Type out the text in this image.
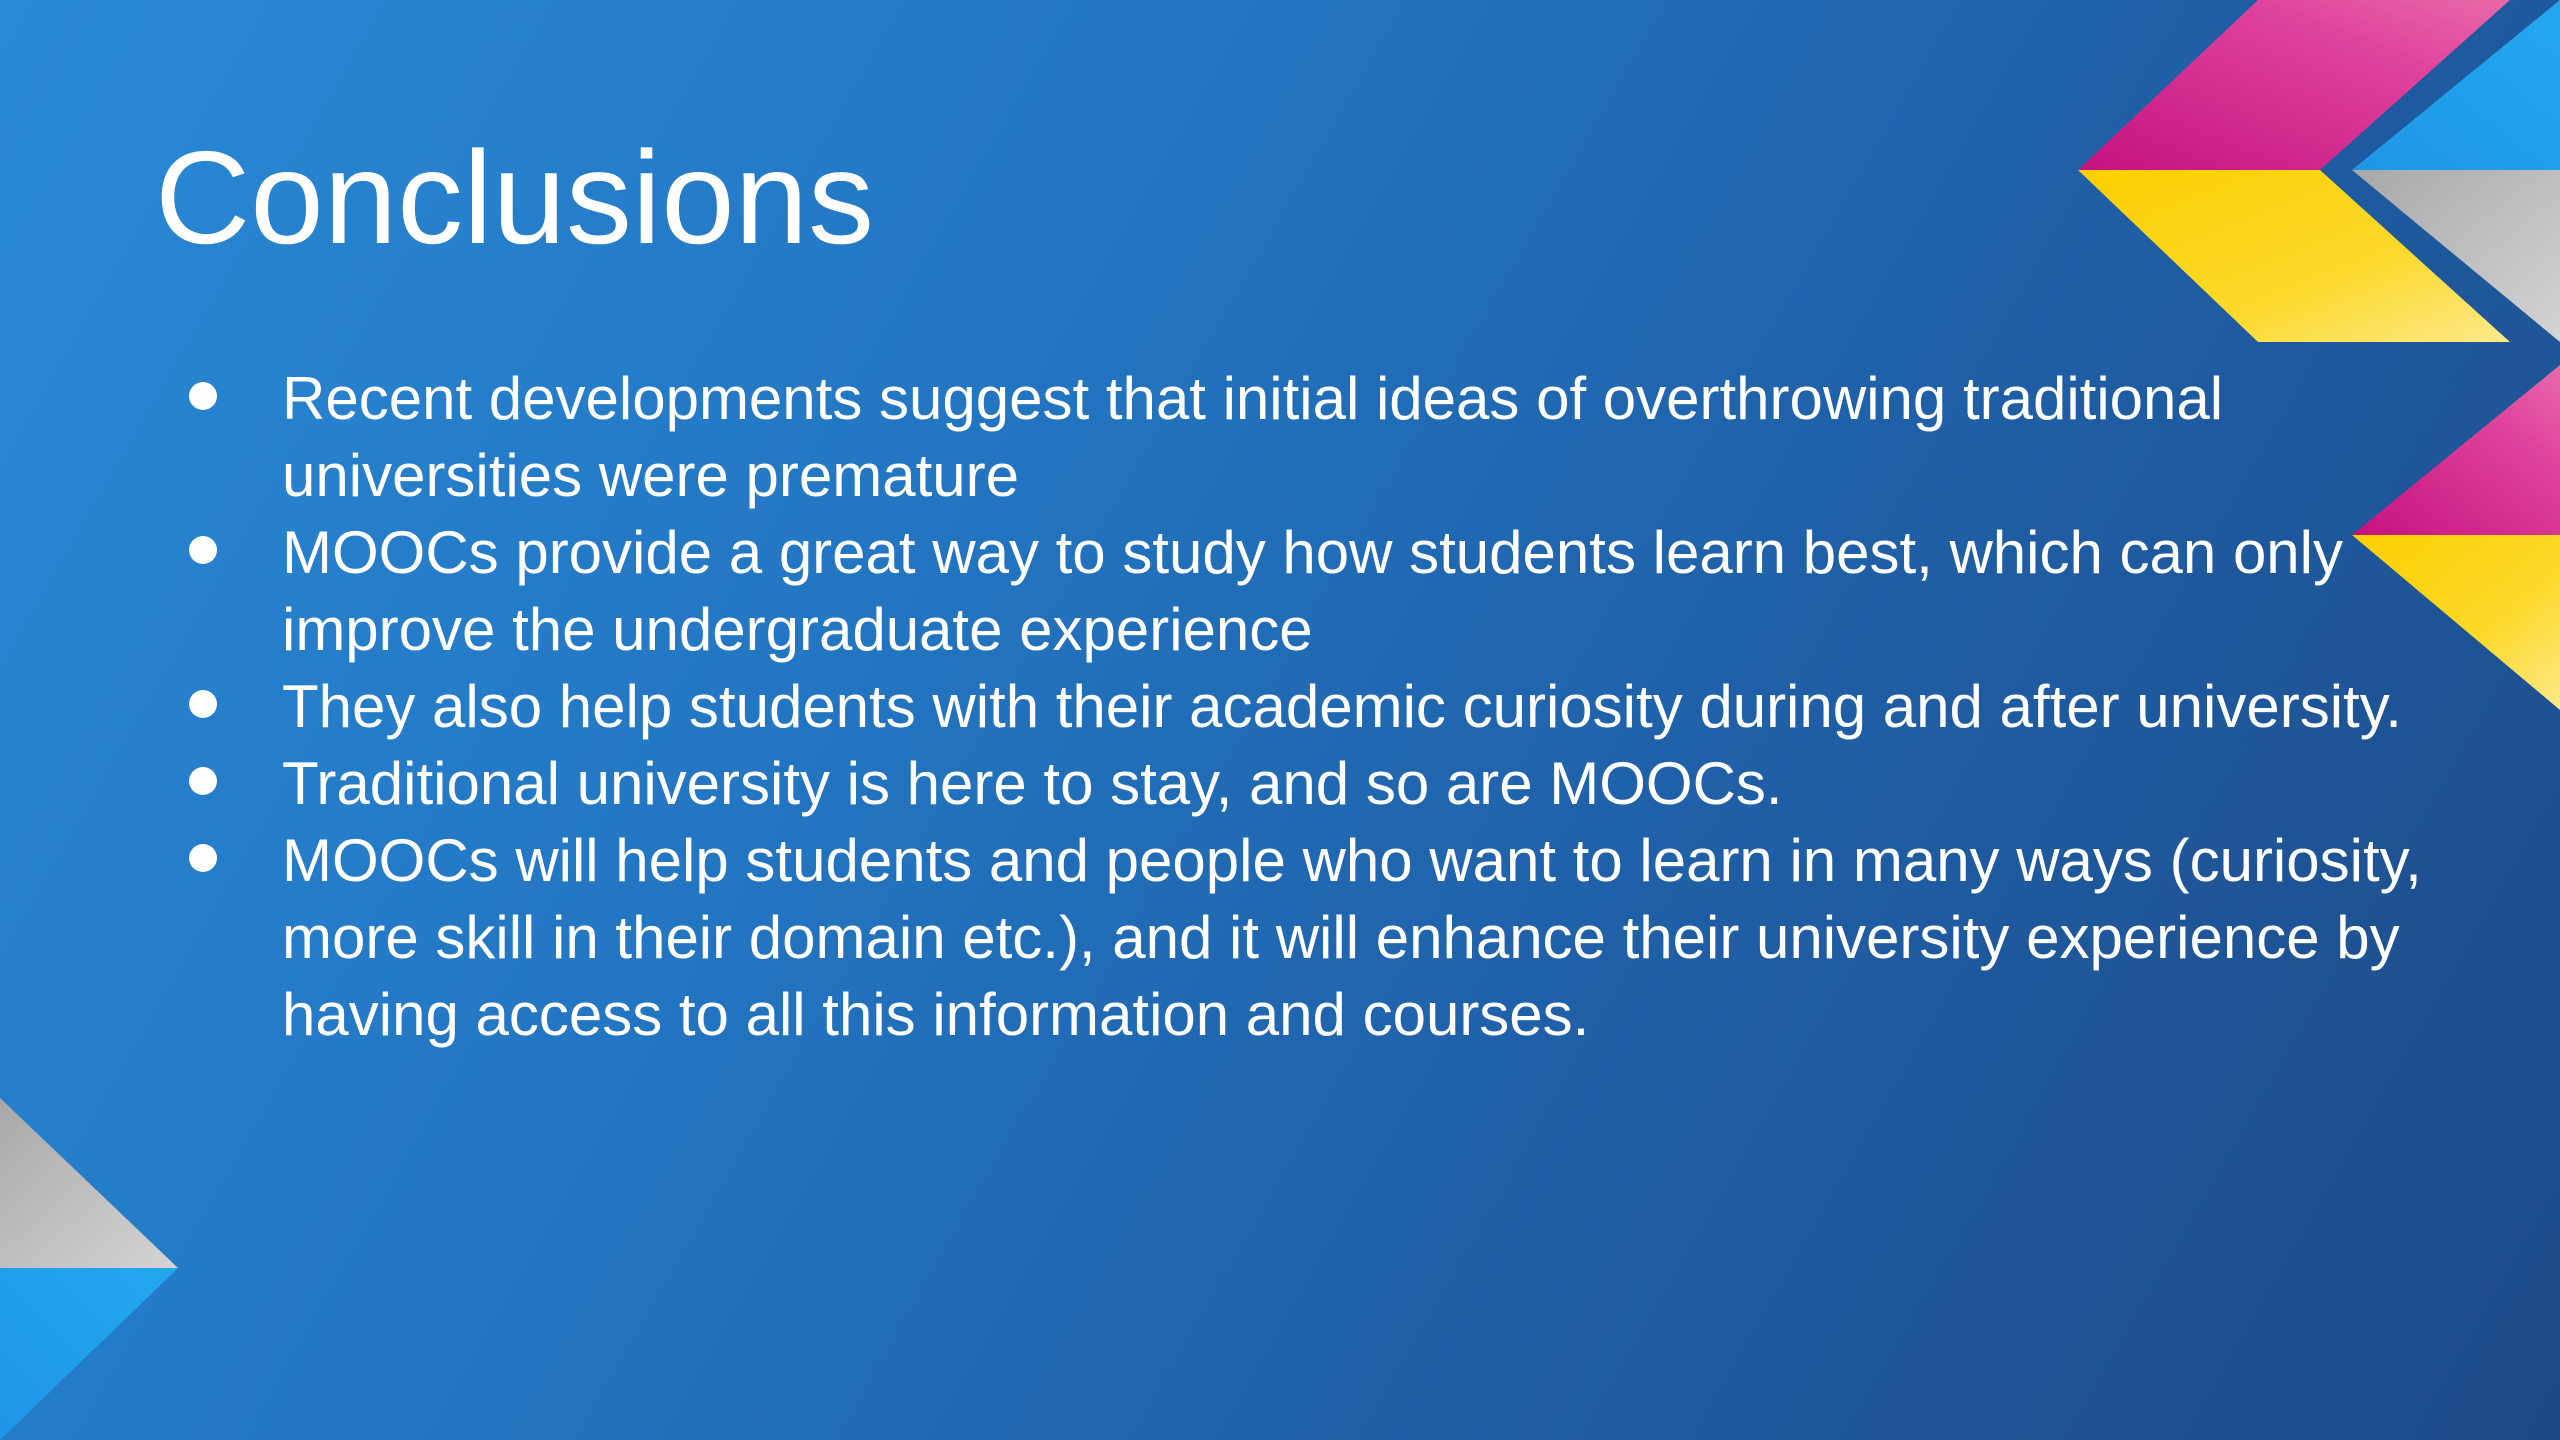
Conclusions
Recent developments suggest that initial ideas of overthrowing traditional universities were premature
MOOCs provide a great way to study how students learn best, which can only improve the undergraduate experience
They also help students with their academic curiosity during and after university.
Traditional university is here to stay, and so are MOOCs.
MOOCs will help students and people who want to learn in many ways (curiosity, more skill in their domain etc.), and it will enhance their university experience by having access to all this information and courses.
